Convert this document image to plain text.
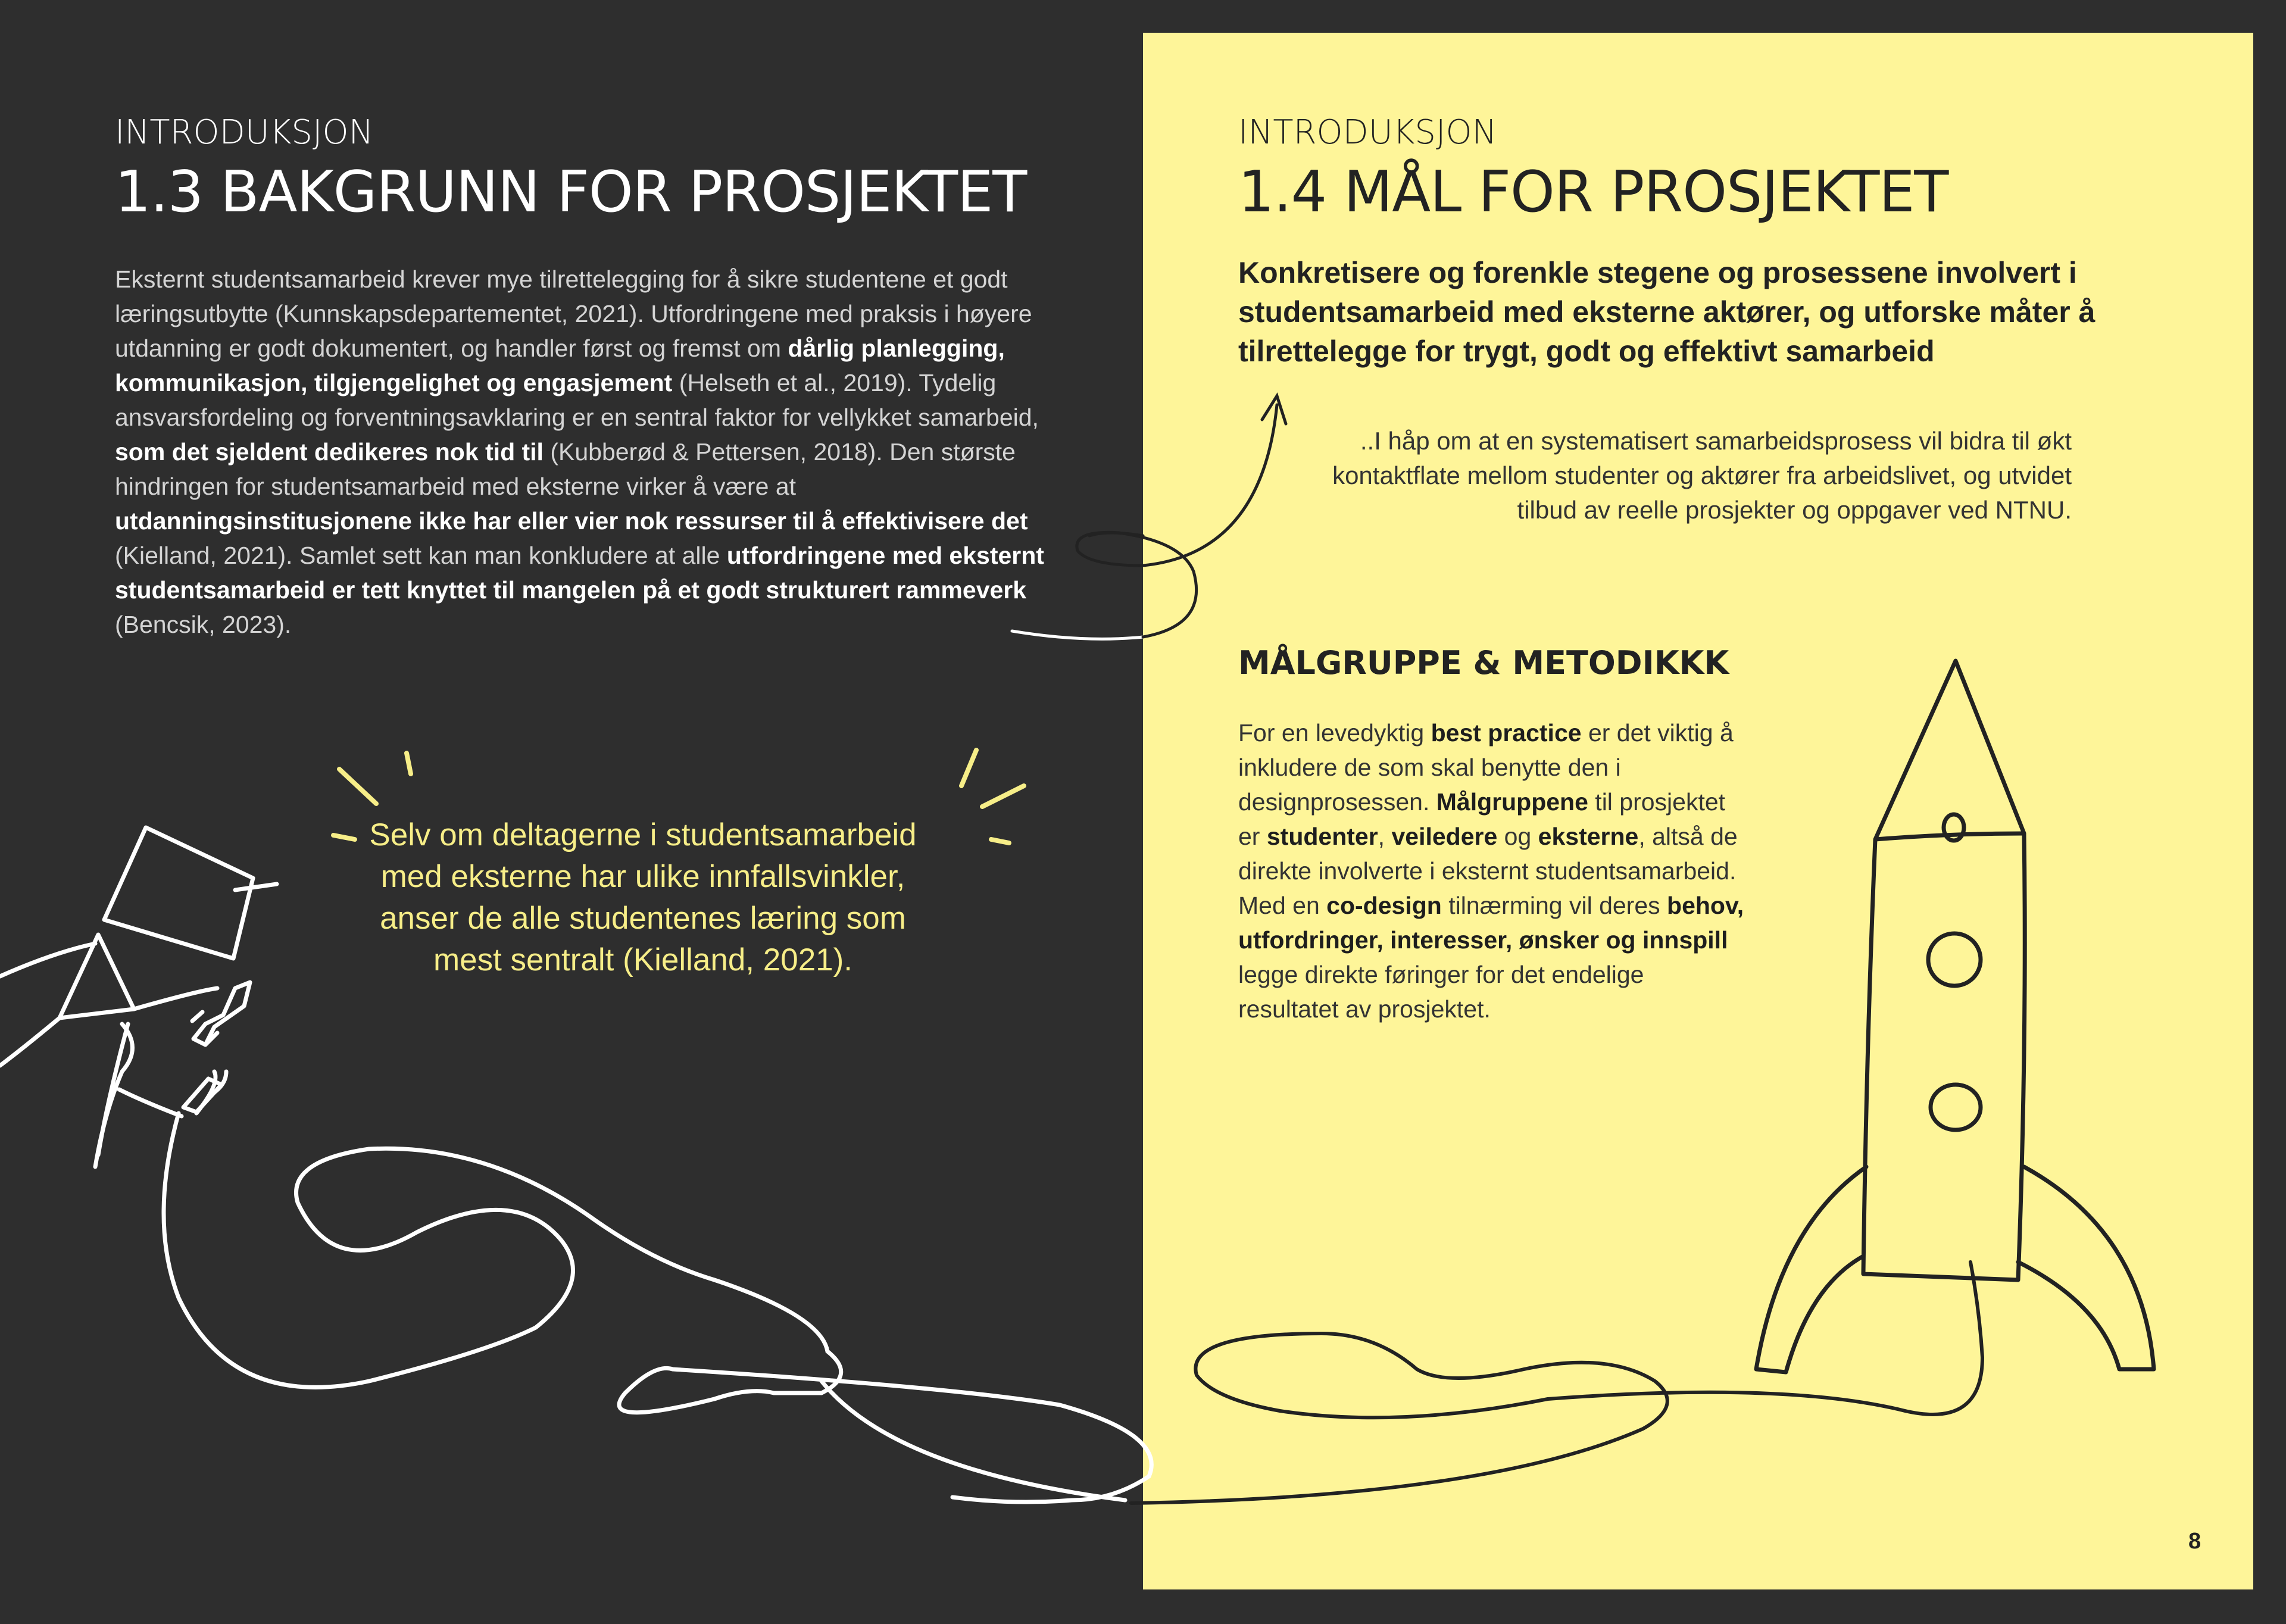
INTRODUKSJON

1.3 BAKGRUNN FOR PROSJEKTET

Eksternt studentsamarbeid krever mye tilrettelegging for å sikre studentene et godt læringsutbytte (Kunnskapsdepartementet, 2021). Utfordringene med praksis i høyere utdanning er godt dokumentert, og handler først og fremst om dårlig planlegging, kommunikasjon, tilgjengelighet og engasjement (Helseth et al., 2019). Tydelig ansvarsfordeling og forventningsavklaring er en sentral faktor for vellykket samarbeid, som det sjeldent dedikeres nok tid til (Kubberød & Pettersen, 2018). Den største hindringen for studentsamarbeid med eksterne virker å være at utdanningsinstitusjonene ikke har eller vier nok ressurser til å effektivisere det (Kielland, 2021). Samlet sett kan man konkludere at alle utfordringene med eksternt studentsamarbeid er tett knyttet til mangelen på et godt strukturert rammeverk (Bencsik, 2023).

Selv om deltagerne i studentsamarbeid med eksterne har ulike innfallsvinkler, anser de alle studentenes læring som mest sentralt (Kielland, 2021).

INTRODUKSJON

1.4 MÅL FOR PROSJEKTET

Konkretisere og forenkle stegene og prosessene involvert i studentsamarbeid med eksterne aktører, og utforske måter å tilrettelegge for trygt, godt og effektivt samarbeid

..I håp om at en systematisert samarbeidsprosess vil bidra til økt kontaktflate mellom studenter og aktører fra arbeidslivet, og utvidet tilbud av reelle prosjekter og oppgaver ved NTNU.

MÅLGRUPPE & METODIKKK

For en levedyktig best practice er det viktig å inkludere de som skal benytte den i designprosessen. Målgruppene til prosjektet er studenter, veiledere og eksterne, altså de direkte involverte i eksternt studentsamarbeid. Med en co-design tilnærming vil deres behov, utfordringer, interesser, ønsker og innspill legge direkte føringer for det endelige resultatet av prosjektet.

8
